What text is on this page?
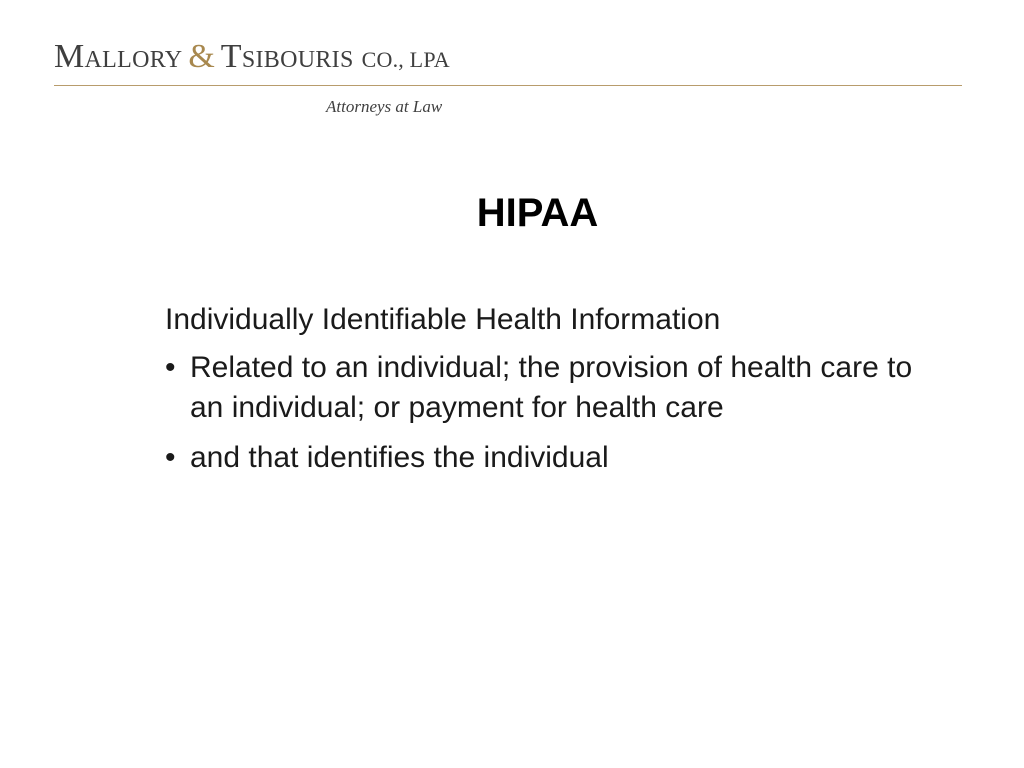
Mallory & Tsibouris CO., LPA
Attorneys at Law
HIPAA

Individually Identifiable Health Information

• Related to an individual; the provision of health care to an individual; or payment for health care
• and that identifies the individual
